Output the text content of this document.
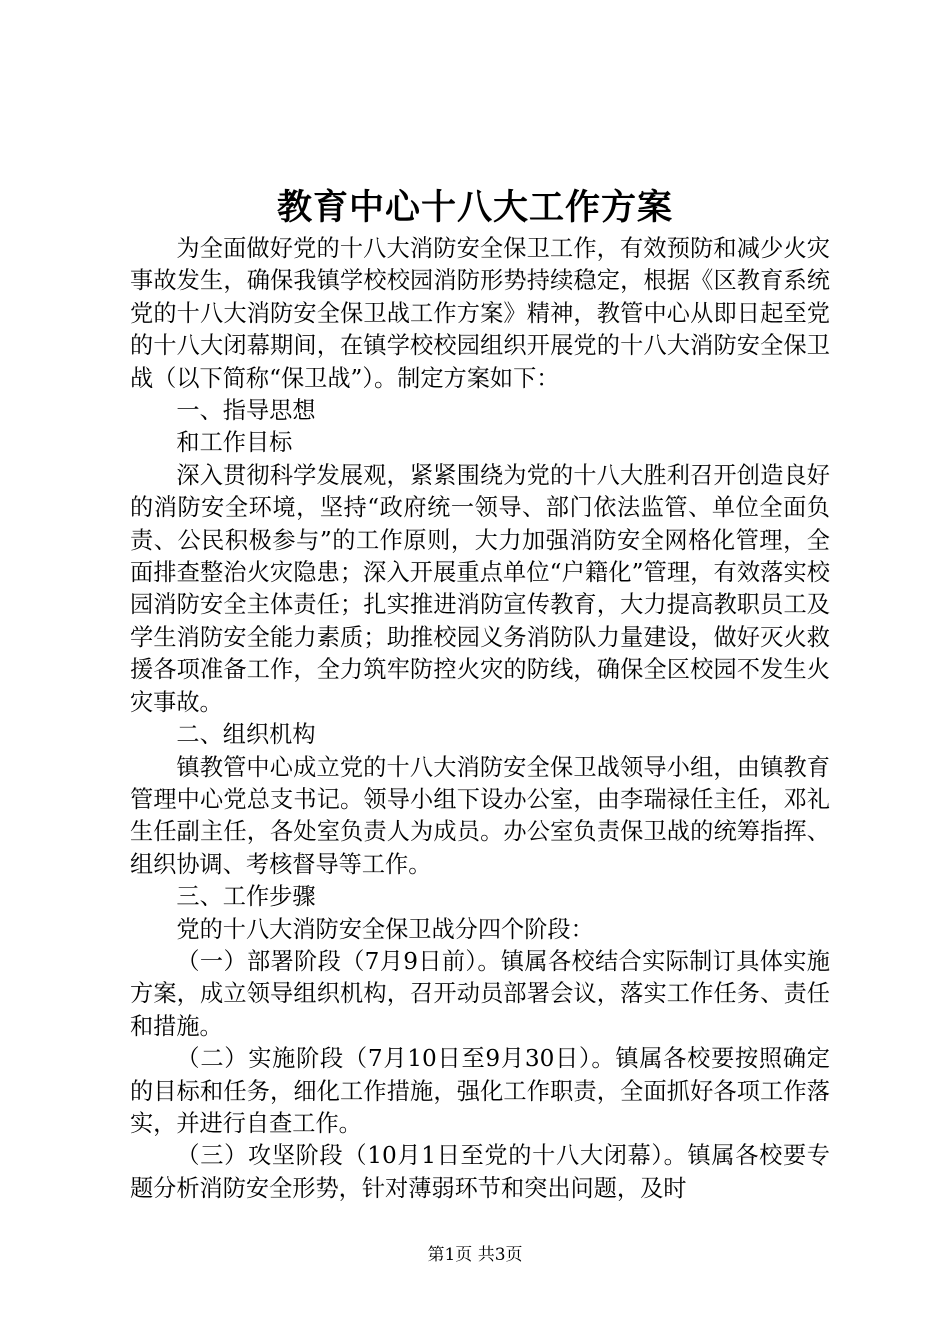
教育中心十八大工作方案

为全面做好党的十八大消防安全保卫工作，有效预防和减少火灾事故发生，确保我镇学校校园消防形势持续稳定，根据《区教育系统党的十八大消防安全保卫战工作方案》精神，教管中心从即日起至党的十八大闭幕期间，在镇学校校园组织开展党的十八大消防安全保卫战（以下简称“保卫战”）。制定方案如下：

一、指导思想

和工作目标

深入贯彻科学发展观，紧紧围绕为党的十八大胜利召开创造良好的消防安全环境，坚持“政府统一领导、部门依法监管、单位全面负责、公民积极参与”的工作原则，大力加强消防安全网格化管理，全面排查整治火灾隐患；深入开展重点单位“户籍化”管理，有效落实校园消防安全主体责任；扎实推进消防宣传教育，大力提高教职员工及学生消防安全能力素质；助推校园义务消防队力量建设，做好灭火救援各项准备工作，全力筑牢防控火灾的防线，确保全区校园不发生火灾事故。

二、组织机构

镇教管中心成立党的十八大消防安全保卫战领导小组，由镇教育管理中心党总支书记。领导小组下设办公室，由李瑞禄任主任，邓礼生任副主任，各处室负责人为成员。办公室负责保卫战的统筹指挥、组织协调、考核督导等工作。

三、工作步骤

党的十八大消防安全保卫战分四个阶段：

（一）部署阶段（7月9日前）。镇属各校结合实际制订具体实施方案，成立领导组织机构，召开动员部署会议，落实工作任务、责任和措施。

（二）实施阶段（7月10日至9月30日）。镇属各校要按照确定的目标和任务，细化工作措施，强化工作职责，全面抓好各项工作落实，并进行自查工作。

（三）攻坚阶段（10月1日至党的十八大闭幕）。镇属各校要专题分析消防安全形势，针对薄弱环节和突出问题，及时

第1页 共3页
